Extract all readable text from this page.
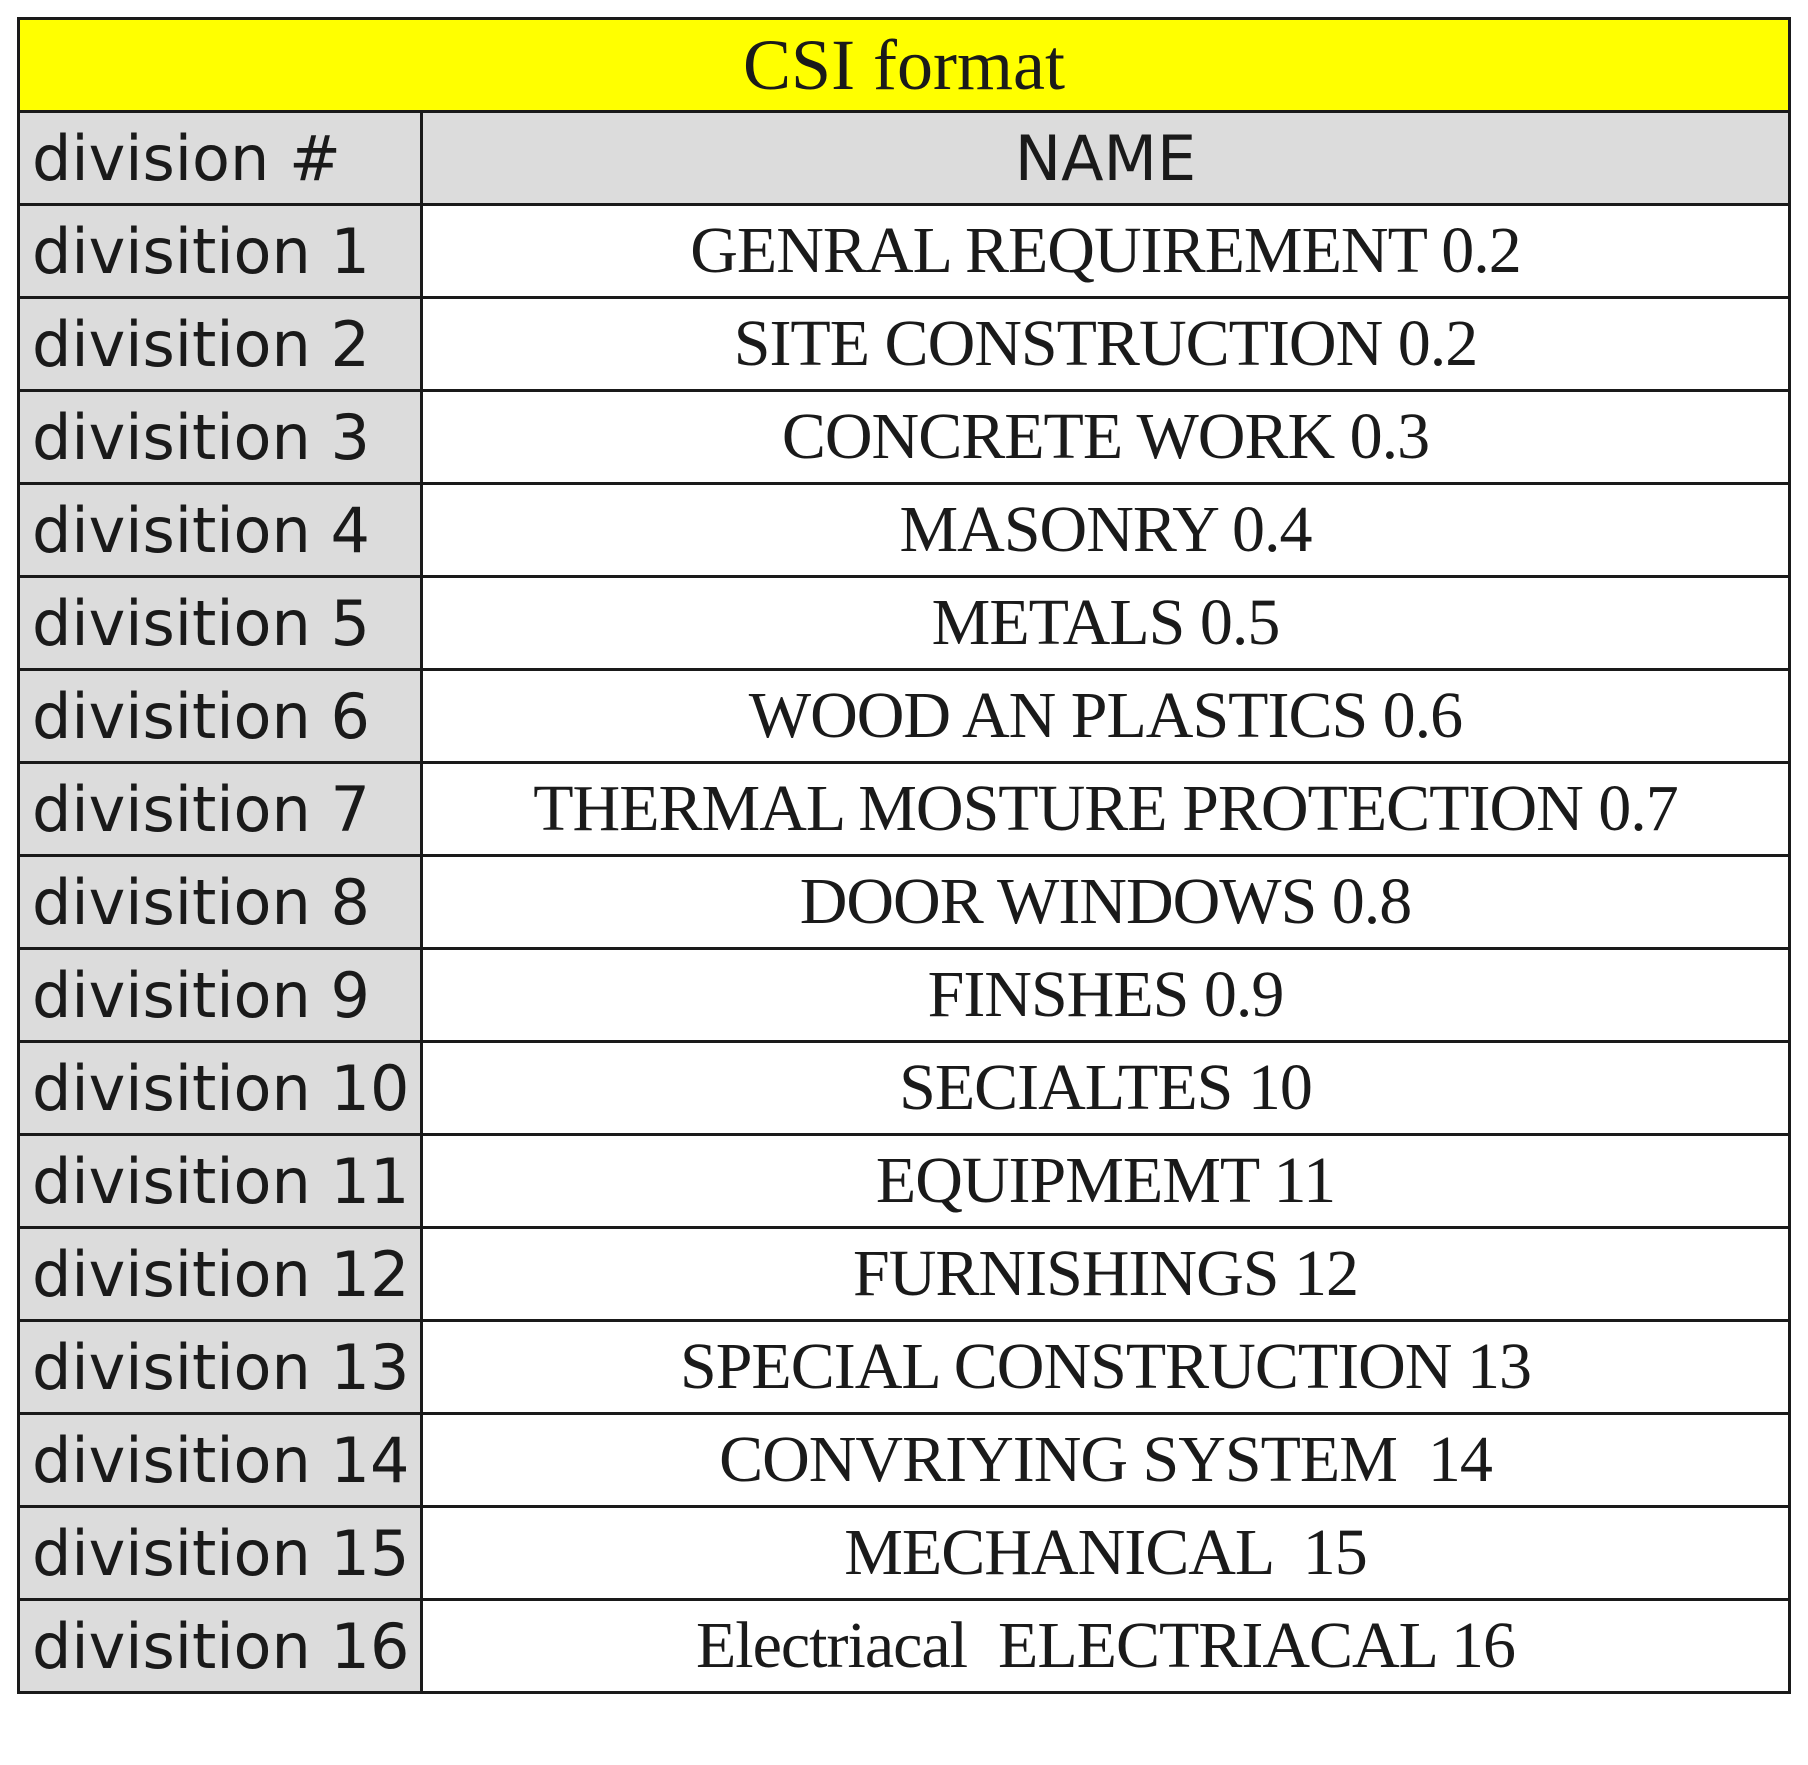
CSI format	
division #	NAME
divisition 1	GENRAL REQUIREMENT 0.2
divisition 2	SITE CONSTRUCTION 0.2
divisition 3	CONCRETE WORK 0.3
divisition 4	MASONRY 0.4
divisition 5	METALS 0.5
divisition 6	WOOD AN PLASTICS 0.6
divisition 7	THERMAL MOSTURE PROTECTION 0.7
divisition 8	DOOR WINDOWS 0.8
divisition 9	FINSHES 0.9
divisition 10	SECIALTES 10
divisition 11	EQUIPMEMT 11
divisition 12	FURNISHINGS 12
divisition 13	SPECIAL CONSTRUCTION 13
divisition 14	CONVRIYING SYSTEM  14
divisition 15	MECHANICAL  15
divisition 16	Electriacal  ELECTRIACAL 16
